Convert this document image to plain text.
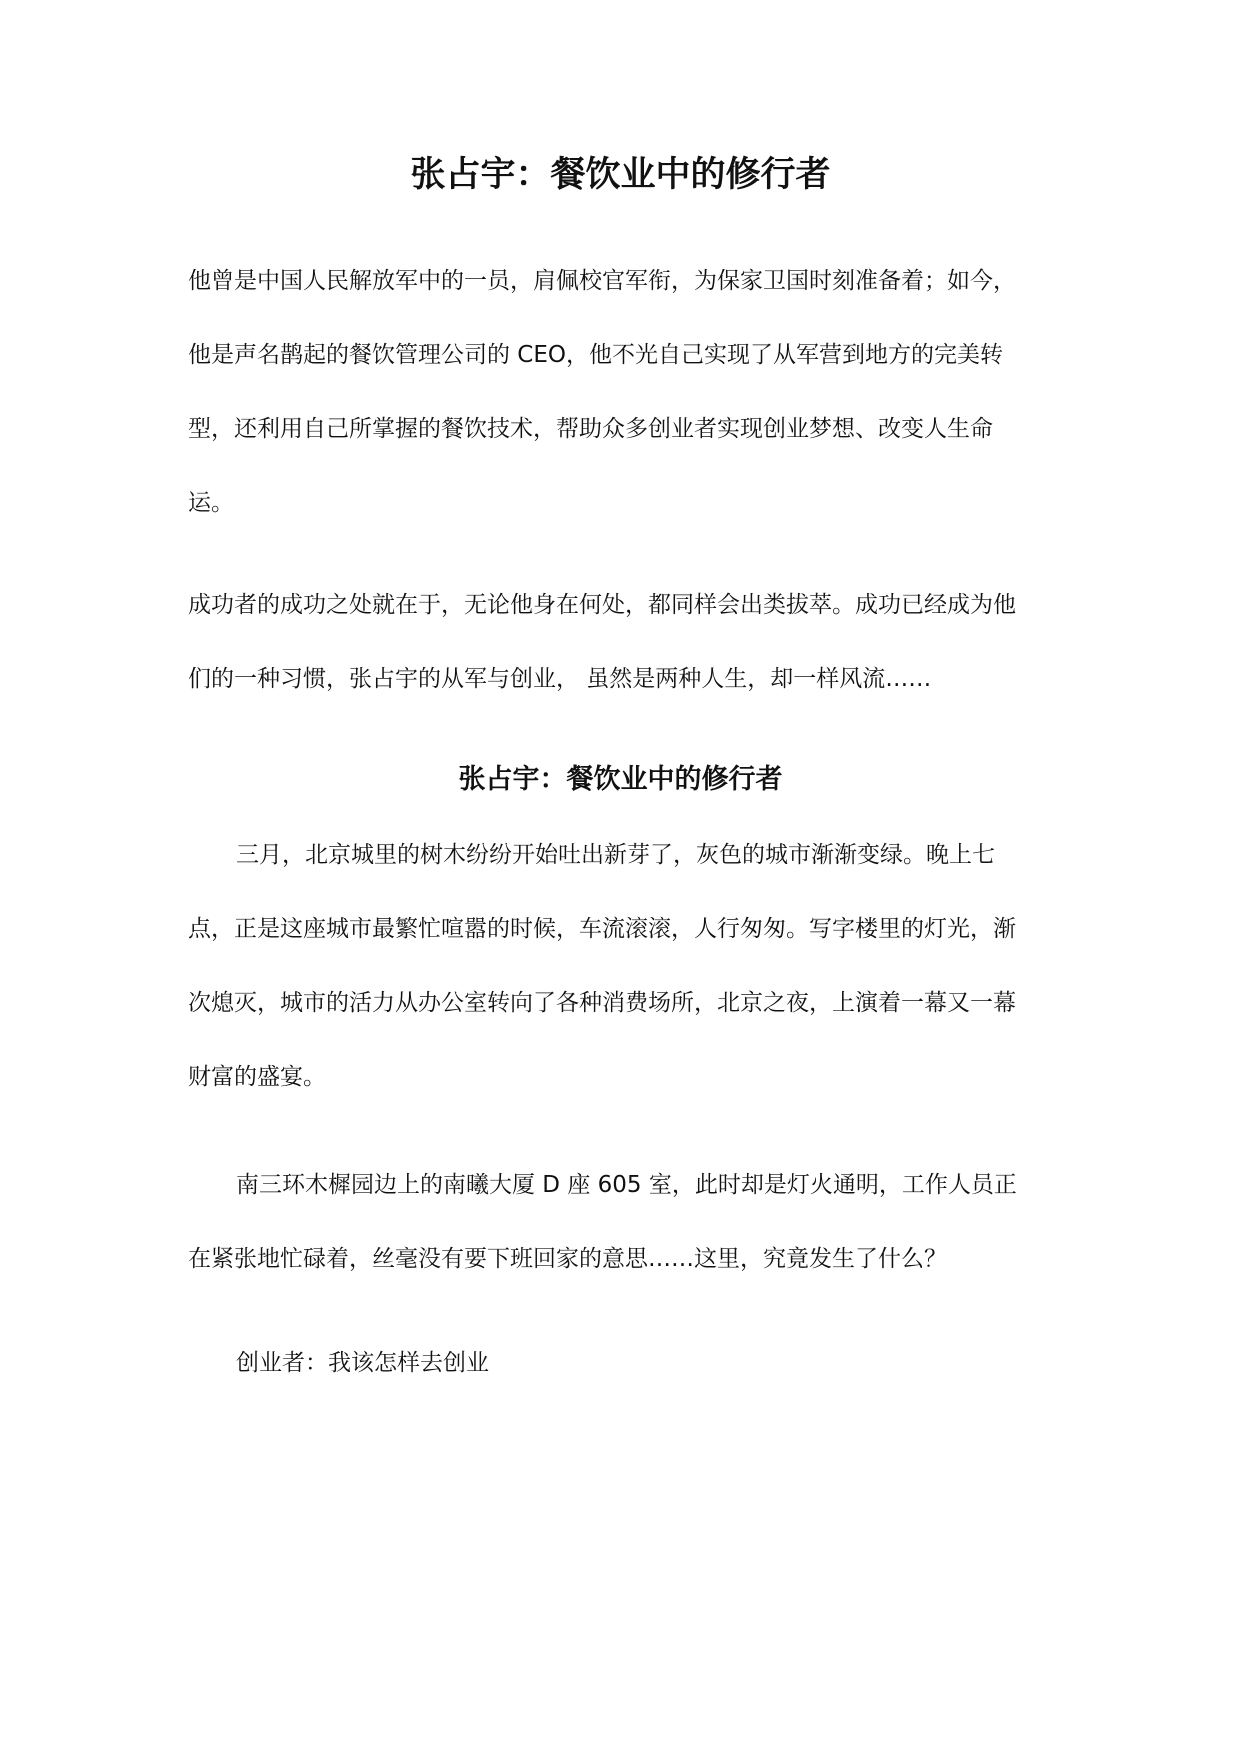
张占宇：餐饮业中的修行者

他曾是中国人民解放军中的一员，肩佩校官军衔，为保家卫国时刻准备着；如今，
他是声名鹊起的餐饮管理公司的 CEO，他不光自己实现了从军营到地方的完美转
型，还利用自己所掌握的餐饮技术，帮助众多创业者实现创业梦想、改变人生命
运。

成功者的成功之处就在于，无论他身在何处，都同样会出类拔萃。成功已经成为他
们的一种习惯，张占宇的从军与创业， 虽然是两种人生，却一样风流……

张占宇：餐饮业中的修行者

三月，北京城里的树木纷纷开始吐出新芽了，灰色的城市渐渐变绿。晚上七
点，正是这座城市最繁忙喧嚣的时候，车流滚滚，人行匆匆。写字楼里的灯光，渐
次熄灭，城市的活力从办公室转向了各种消费场所，北京之夜，上演着一幕又一幕
财富的盛宴。

南三环木樨园边上的南曦大厦 D 座 605 室，此时却是灯火通明，工作人员正
在紧张地忙碌着，丝毫没有要下班回家的意思……这里，究竟发生了什么？

创业者：我该怎样去创业
